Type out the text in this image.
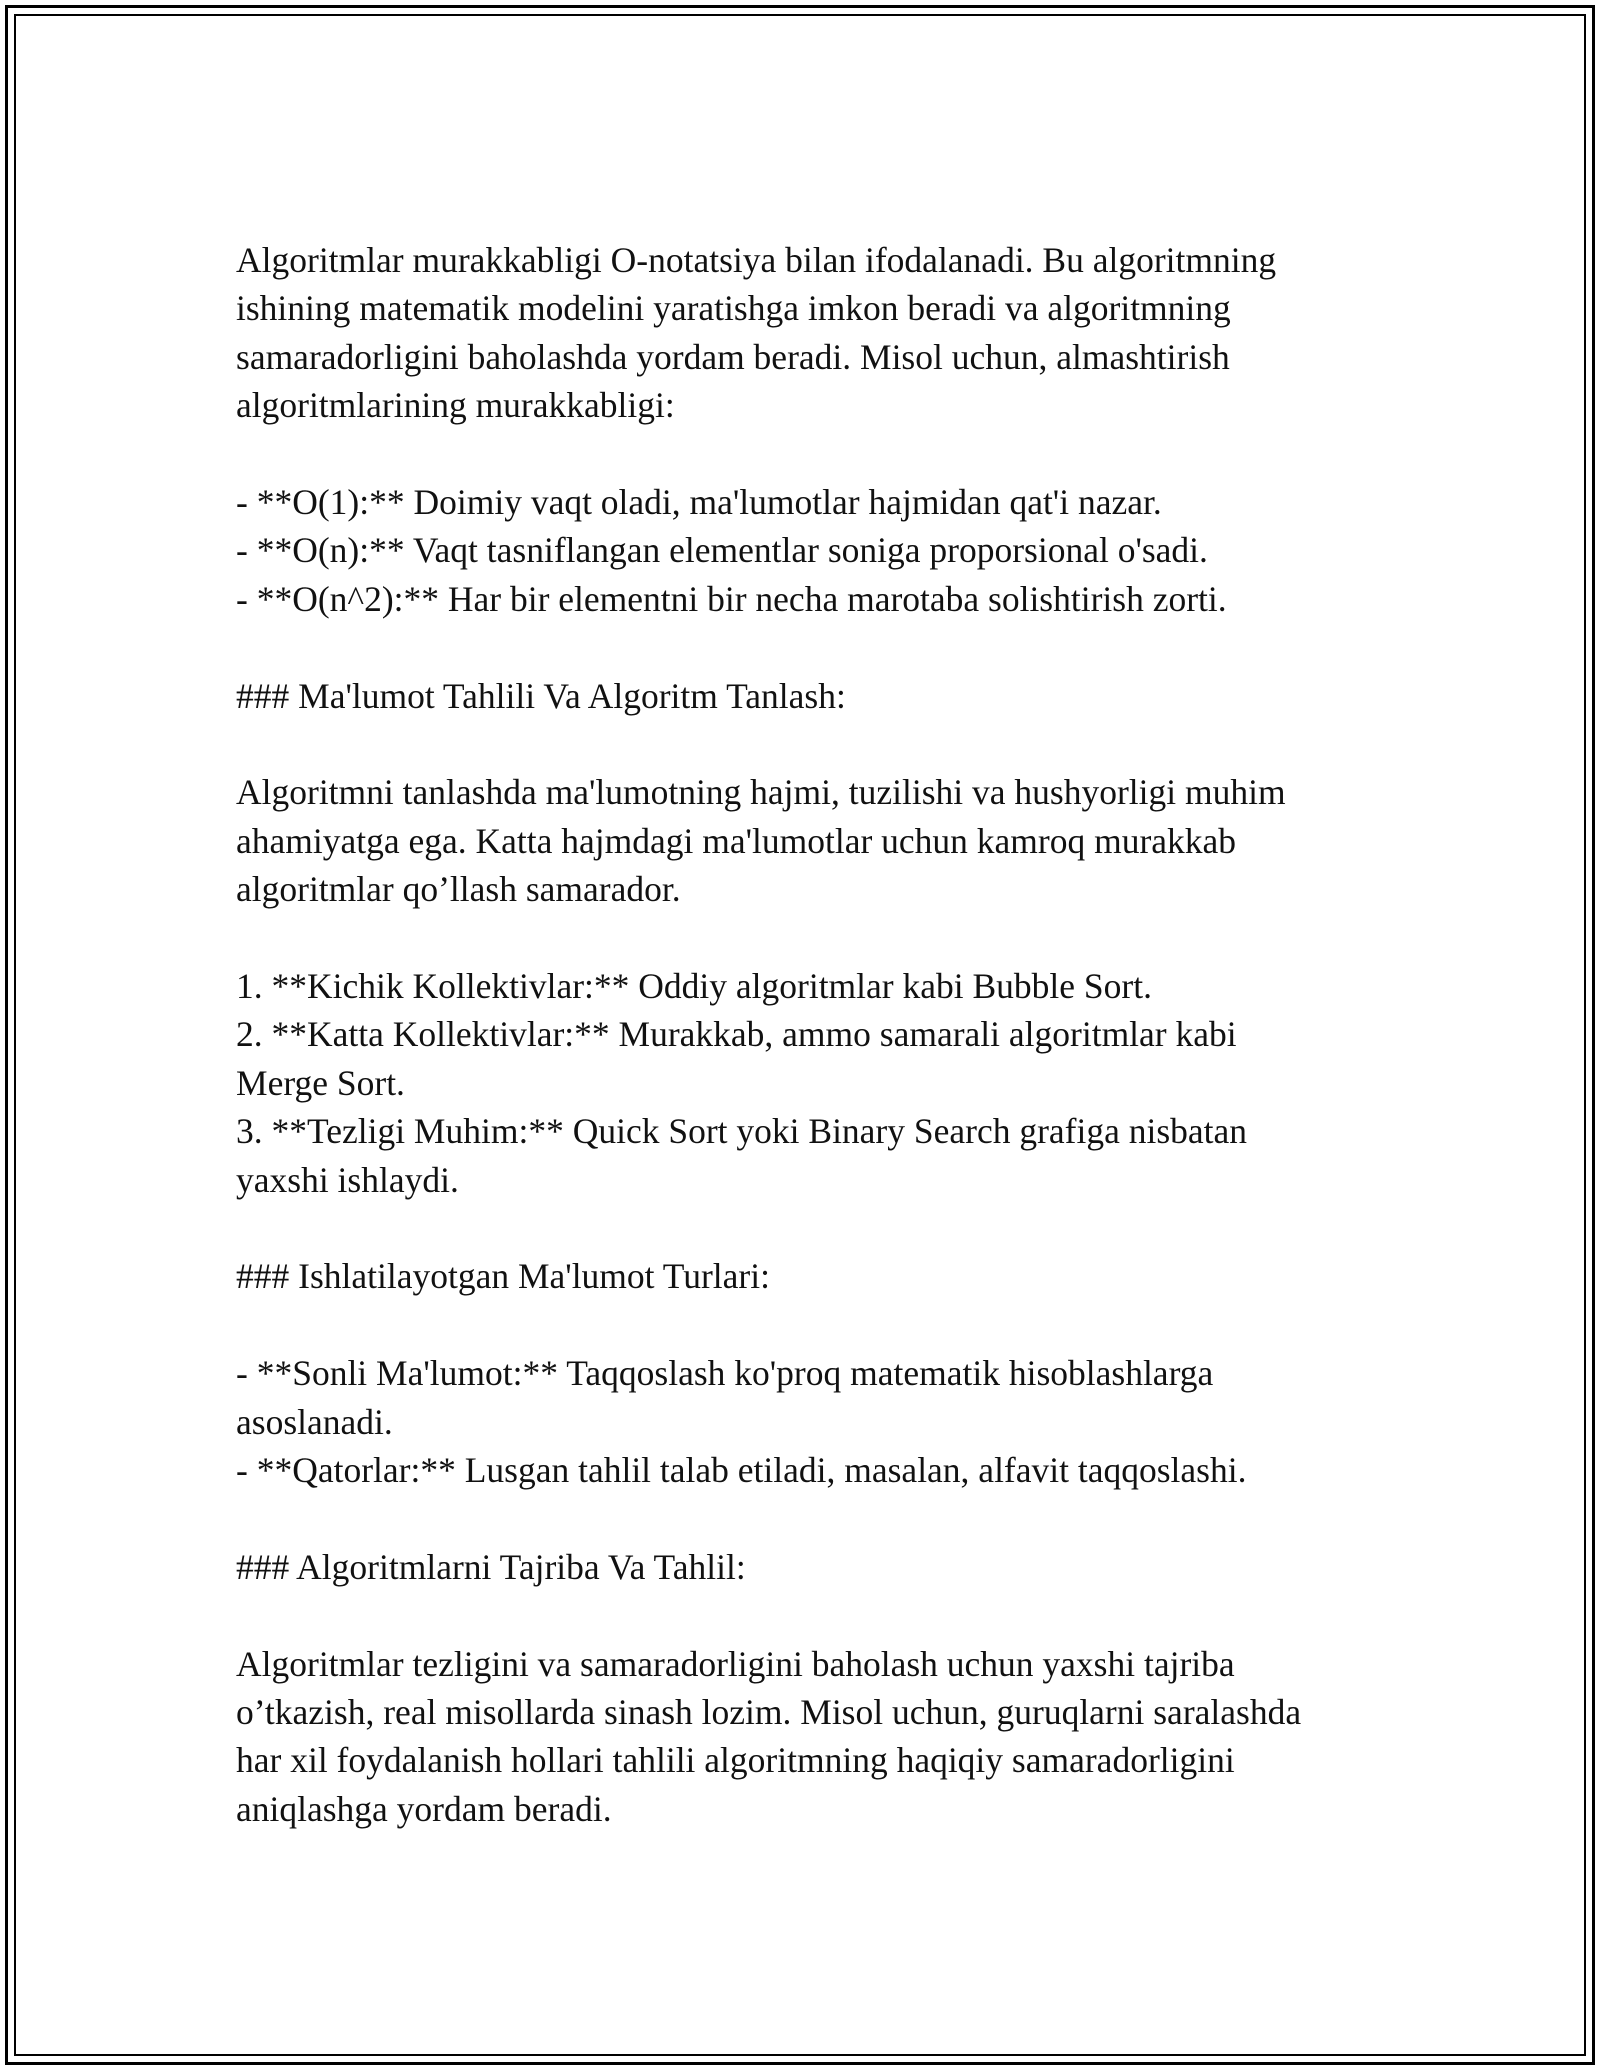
Algoritmlar murakkabligi O-notatsiya bilan ifodalanadi. Bu algoritmning

ishining matematik modelini yaratishga imkon beradi va algoritmning

samaradorligini baholashda yordam beradi. Misol uchun, almashtirish

algoritmlarining murakkabligi:

- **O(1):** Doimiy vaqt oladi, ma'lumotlar hajmidan qat'i nazar.

- **O(n):** Vaqt tasniflangan elementlar soniga proporsional o'sadi.

- **O(n^2):** Har bir elementni bir necha marotaba solishtirish zorti.

### Ma'lumot Tahlili Va Algoritm Tanlash:

Algoritmni tanlashda ma'lumotning hajmi, tuzilishi va hushyorligi muhim

ahamiyatga ega. Katta hajmdagi ma'lumotlar uchun kamroq murakkab

algoritmlar qo’llash samarador.

1. **Kichik Kollektivlar:** Oddiy algoritmlar kabi Bubble Sort.

2. **Katta Kollektivlar:** Murakkab, ammo samarali algoritmlar kabi

Merge Sort.

3. **Tezligi Muhim:** Quick Sort yoki Binary Search grafiga nisbatan

yaxshi ishlaydi.

### Ishlatilayotgan Ma'lumot Turlari:

- **Sonli Ma'lumot:** Taqqoslash ko'proq matematik hisoblashlarga

asoslanadi.

- **Qatorlar:** Lusgan tahlil talab etiladi, masalan, alfavit taqqoslashi.

### Algoritmlarni Tajriba Va Tahlil:

Algoritmlar tezligini va samaradorligini baholash uchun yaxshi tajriba

o’tkazish, real misollarda sinash lozim. Misol uchun, guruqlarni saralashda

har xil foydalanish hollari tahlili algoritmning haqiqiy samaradorligini

aniqlashga yordam beradi.
